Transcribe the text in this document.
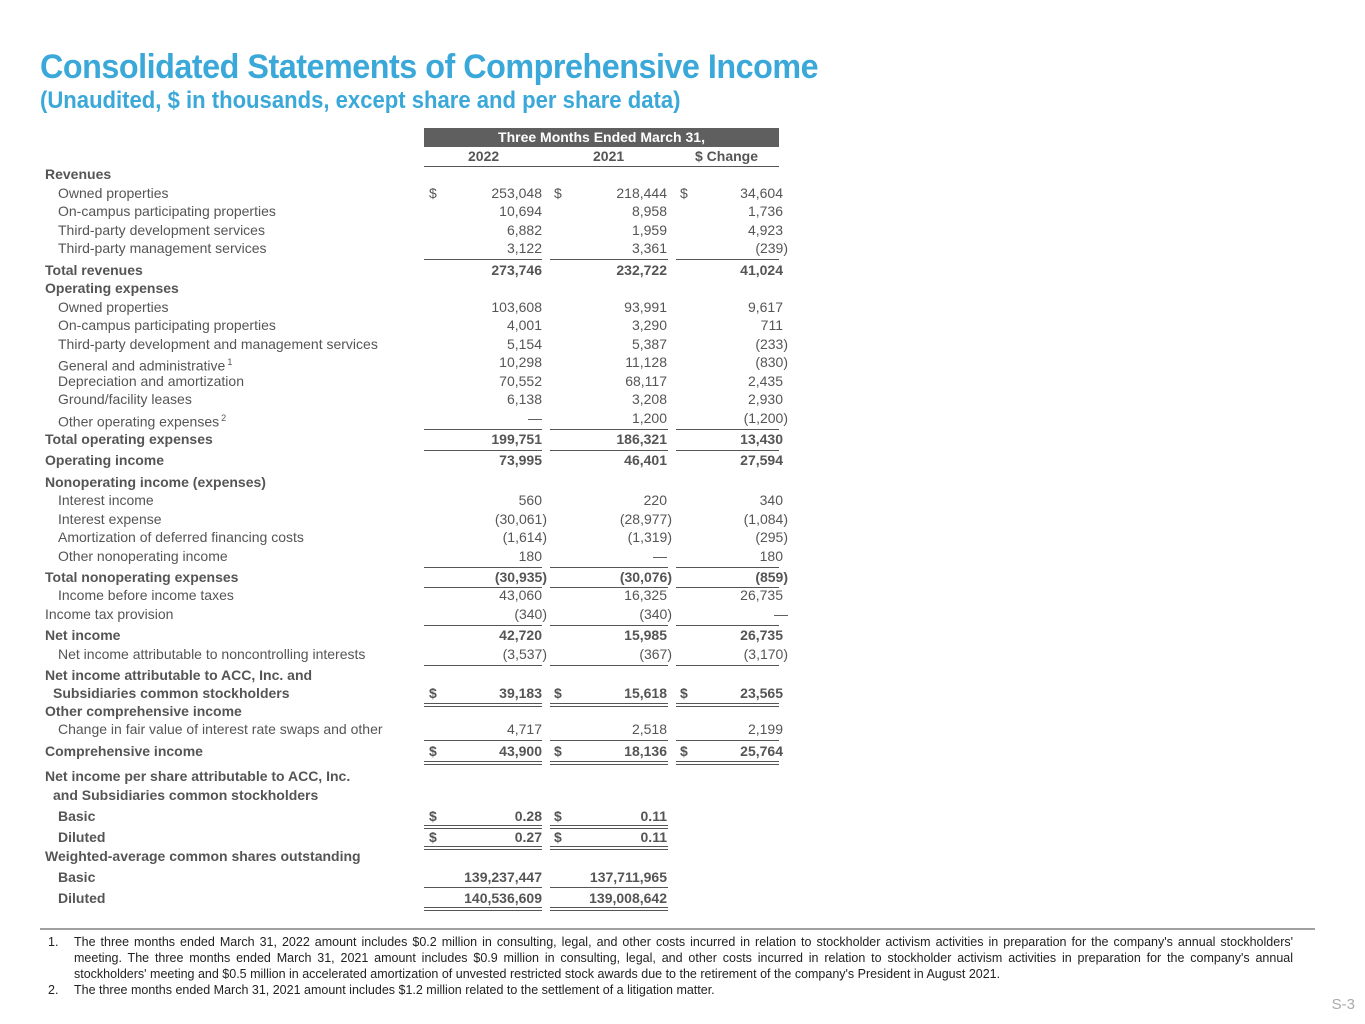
Consolidated Statements of Comprehensive Income
(Unaudited, $ in thousands, except share and per share data)
Three Months Ended March 31,
2022	2021	$ Change
Revenues
Owned properties	$	253,048 $	218,444 $	34,604
On-campus participating properties	10,694	8,958	1,736
Third-party development services	6,882	1,959	4,923
Third-party management services	3,122	3,361	(239)
Total revenues	273,746	232,722	41,024
Operating expenses
Owned properties	103,608	93,991	9,617
On-campus participating properties	4,001	3,290	711
Third-party development and management services	5,154	5,387	(233)
General and administrative $^1$	10,298	11,128	(830)
Depreciation and amortization	70,552	68,117	2,435
Ground/facility leases	6,138	3,208	2,930
Other operating expenses $^2$	—	1,200	(1,200)
Total operating expenses	199,751	186,321	13,430
Operating income	73,995	46,401	27,594
Nonoperating income (expenses)
Interest income	560	220	340
Interest expense	(30,061)	(28,977)	(1,084)
Amortization of deferred financing costs	(1,614)	(1,319)	(295)
Other nonoperating income	180	—	180
Total nonoperating expenses	(30,935)	(30,076)	(859)
Income before income taxes	43,060	16,325	26,735
Income tax provision	(340)	(340)	—
Net income	42,720	15,985	26,735
Net income attributable to noncontrolling interests	(3,537)	(367)	(3,170)
Net income attributable to ACC, Inc. and
Subsidiaries common stockholders	$	39,183 $	15,618 $	23,565
Other comprehensive income
Change in fair value of interest rate swaps and other	4,717	2,518	2,199
Comprehensive income	$	43,900 $	18,136 $	25,764
Net income per share attributable to ACC, Inc.
and Subsidiaries common stockholders
Basic	$	0.28 $	0.11
Diluted	$	0.27 $	0.11
Weighted-average common shares outstanding
Basic	139,237,447	137,711,965
Diluted	140,536,609	139,008,642
1.	The three months ended March 31, 2022 amount includes $0.2 million in consulting, legal, and other costs incurred in relation to stockholder activism activities in preparation for the company's annual stockholders' meeting. The three months ended March 31, 2021 amount includes $0.9 million in consulting, legal, and other costs incurred in relation to stockholder activism activities in preparation for the company's annual stockholders' meeting and $0.5 million in accelerated amortization of unvested restricted stock awards due to the retirement of the company's President in August 2021.
2.	The three months ended March 31, 2021 amount includes $1.2 million related to the settlement of a litigation matter.
S-3
